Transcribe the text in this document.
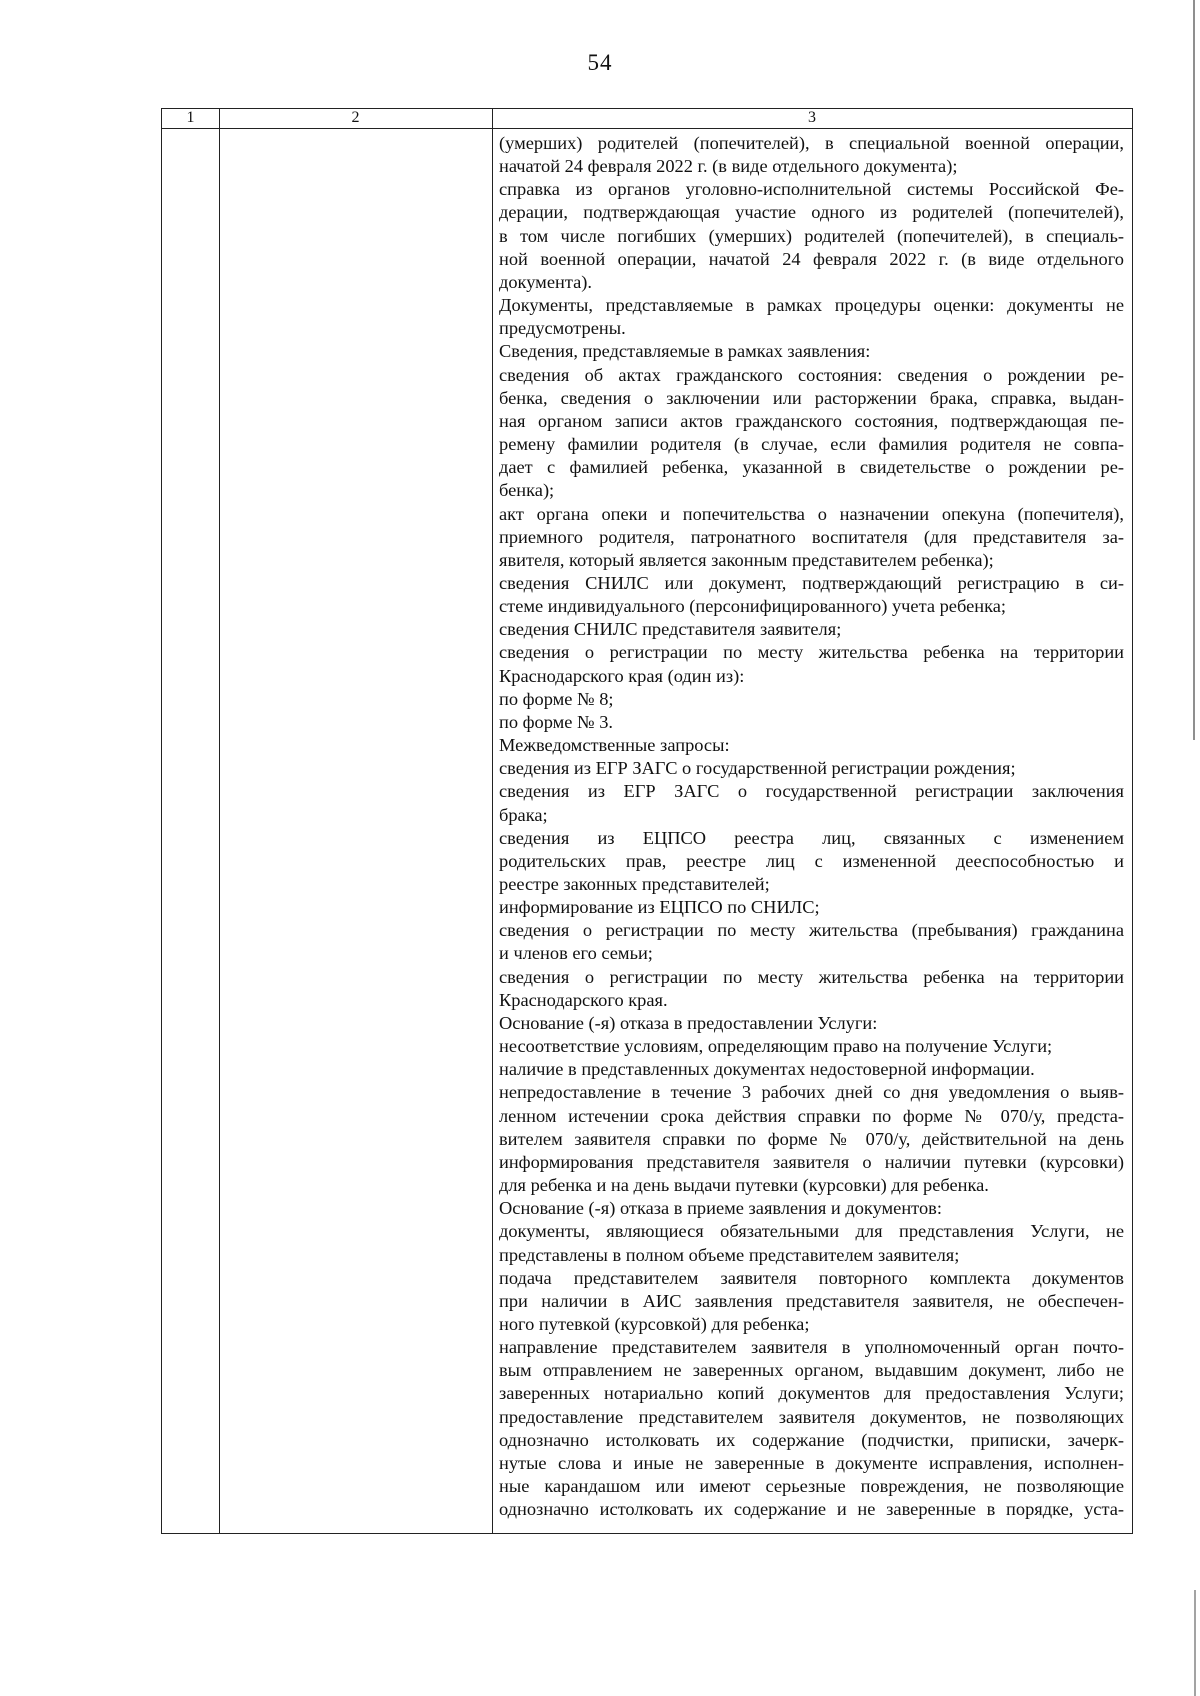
54
1	2	3
(умерших) родителей (попечителей), в специальной военной операции,
начатой 24 февраля 2022 г. (в виде отдельного документа);
справка из органов уголовно-исполнительной системы Российской Фе-
дерации, подтверждающая участие одного из родителей (попечителей),
в том числе погибших (умерших) родителей (попечителей), в специаль-
ной военной операции, начатой 24 февраля 2022 г. (в виде отдельного
документа).
Документы, представляемые в рамках процедуры оценки: документы не
предусмотрены.
Сведения, представляемые в рамках заявления:
сведения об актах гражданского состояния: сведения о рождении ре-
бенка, сведения о заключении или расторжении брака, справка, выдан-
ная органом записи актов гражданского состояния, подтверждающая пе-
ремену фамилии родителя (в случае, если фамилия родителя не совпа-
дает с фамилией ребенка, указанной в свидетельстве о рождении ре-
бенка);
акт органа опеки и попечительства о назначении опекуна (попечителя),
приемного родителя, патронатного воспитателя (для представителя за-
явителя, который является законным представителем ребенка);
сведения СНИЛС или документ, подтверждающий регистрацию в си-
стеме индивидуального (персонифицированного) учета ребенка;
сведения СНИЛС представителя заявителя;
сведения о регистрации по месту жительства ребенка на территории
Краснодарского края (один из):
по форме № 8;
по форме № 3.
Межведомственные запросы:
сведения из ЕГР ЗАГС о государственной регистрации рождения;
сведения из ЕГР ЗАГС о государственной регистрации заключения
брака;
сведения из ЕЦПСО реестра лиц, связанных с изменением
родительских прав, реестре лиц с измененной дееспособностью и
реестре законных представителей;
информирование из ЕЦПСО по СНИЛС;
сведения о регистрации по месту жительства (пребывания) гражданина
и членов его семьи;
сведения о регистрации по месту жительства ребенка на территории
Краснодарского края.
Основание (-я) отказа в предоставлении Услуги:
несоответствие условиям, определяющим право на получение Услуги;
наличие в представленных документах недостоверной информации.
непредоставление в течение 3 рабочих дней со дня уведомления о выяв-
ленном истечении срока действия справки по форме № 070/у, предста-
вителем заявителя справки по форме № 070/у, действительной на день
информирования представителя заявителя о наличии путевки (курсовки)
для ребенка и на день выдачи путевки (курсовки) для ребенка.
Основание (-я) отказа в приеме заявления и документов:
документы, являющиеся обязательными для представления Услуги, не
представлены в полном объеме представителем заявителя;
подача представителем заявителя повторного комплекта документов
при наличии в АИС заявления представителя заявителя, не обеспечен-
ного путевкой (курсовкой) для ребенка;
направление представителем заявителя в уполномоченный орган почто-
вым отправлением не заверенных органом, выдавшим документ, либо не
заверенных нотариально копий документов для предоставления Услуги;
предоставление представителем заявителя документов, не позволяющих
однозначно истолковать их содержание (подчистки, приписки, зачерк-
нутые слова и иные не заверенные в документе исправления, исполнен-
ные карандашом или имеют серьезные повреждения, не позволяющие
однозначно истолковать их содержание и не заверенные в порядке, уста-
